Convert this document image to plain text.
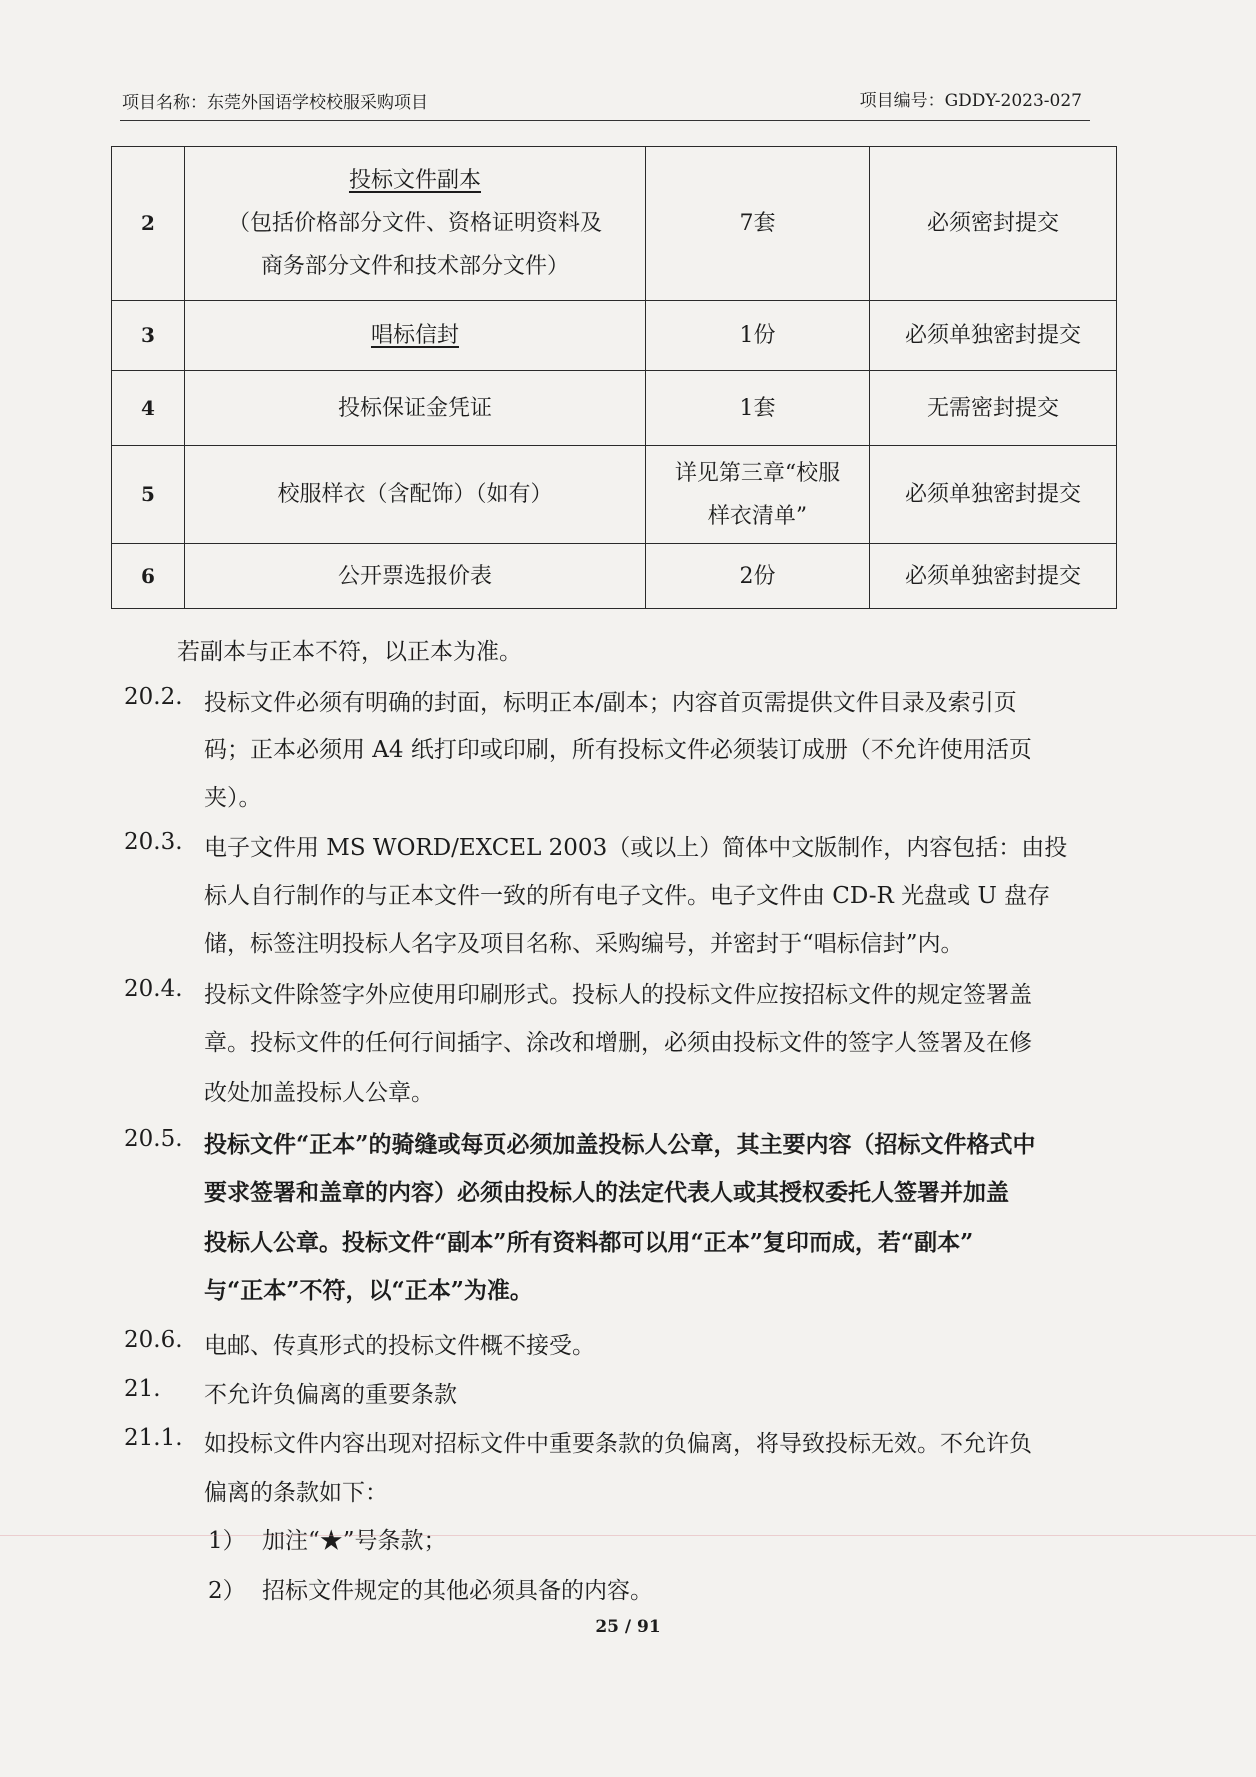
项目名称：东莞外国语学校校服采购项目	项目编号：GDDY-2023-027
2	投标文件副本
（包括价格部分文件、资格证明资料及
商务部分文件和技术部分文件）	7套	必须密封提交
3	唱标信封	1份	必须单独密封提交
4	投标保证金凭证	1套	无需密封提交
5	校服样衣（含配饰）（如有）	详见第三章“校服
样衣清单”	必须单独密封提交
6	公开票选报价表	2份	必须单独密封提交
若副本与正本不符，以正本为准。
20.2. 投标文件必须有明确的封面，标明正本/副本；内容首页需提供文件目录及索引页
码；正本必须用 A4 纸打印或印刷，所有投标文件必须装订成册（不允许使用活页
夹）。
20.3. 电子文件用 MS WORD/EXCEL 2003（或以上）简体中文版制作，内容包括：由投
标人自行制作的与正本文件一致的所有电子文件。电子文件由 CD-R 光盘或 U 盘存
储，标签注明投标人名字及项目名称、采购编号，并密封于“唱标信封”内。
20.4. 投标文件除签字外应使用印刷形式。投标人的投标文件应按招标文件的规定签署盖
章。投标文件的任何行间插字、涂改和增删，必须由投标文件的签字人签署及在修
改处加盖投标人公章。
20.5. 投标文件“正本”的骑缝或每页必须加盖投标人公章，其主要内容（招标文件格式中
要求签署和盖章的内容）必须由投标人的法定代表人或其授权委托人签署并加盖
投标人公章。投标文件“副本”所有资料都可以用“正本”复印而成，若“副本”
与“正本”不符，以“正本”为准。
20.6. 电邮、传真形式的投标文件概不接受。
21. 不允许负偏离的重要条款
21.1. 如投标文件内容出现对招标文件中重要条款的负偏离，将导致投标无效。不允许负
偏离的条款如下：
1） 加注“★”号条款；
2） 招标文件规定的其他必须具备的内容。
25 / 91
